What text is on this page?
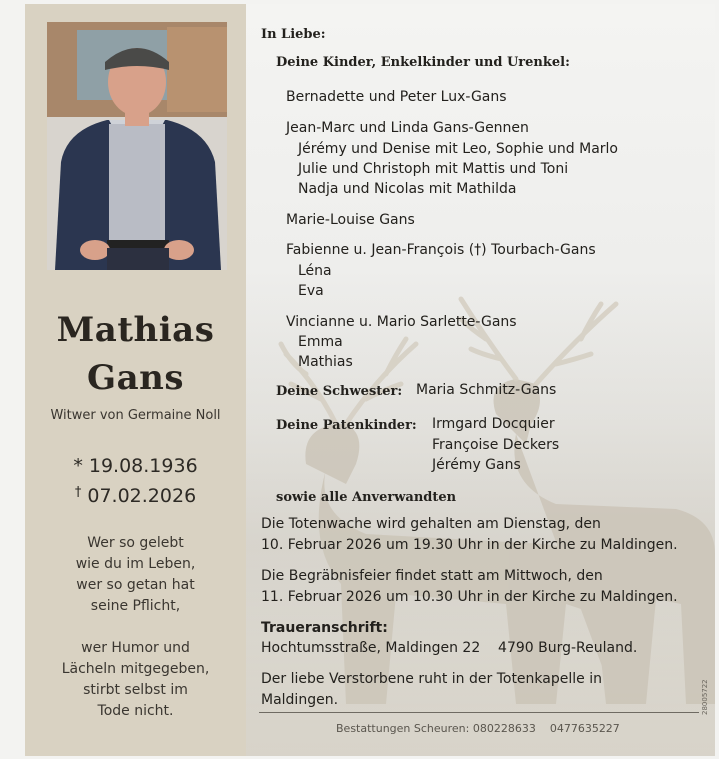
Mathias
Gans
Witwer von Germaine Noll
* 19.08.1936
† 07.02.2026
Wer so gelebt
wie du im Leben,
wer so getan hat
seine Pflicht,
wer Humor und
Lächeln mitgegeben,
stirbt selbst im
Tode nicht.
In Liebe:
Deine Kinder, Enkelkinder und Urenkel:
Bernadette und Peter Lux-Gans
Jean-Marc und Linda Gans-Gennen
Jérémy und Denise mit Leo, Sophie und Marlo
Julie und Christoph mit Mattis und Toni
Nadja und Nicolas mit Mathilda
Marie-Louise Gans
Fabienne u. Jean-François (†) Tourbach-Gans
Léna
Eva
Vincianne u. Mario Sarlette-Gans
Emma
Mathias
Deine Schwester: Maria Schmitz-Gans
Deine Patenkinder: Irmgard Docquier
Françoise Deckers
Jérémy Gans
sowie alle Anverwandten
Die Totenwache wird gehalten am Dienstag, den
10. Februar 2026 um 19.30 Uhr in der Kirche zu Maldingen.
Die Begräbnisfeier findet statt am Mittwoch, den
11. Februar 2026 um 10.30 Uhr in der Kirche zu Maldingen.
Traueranschrift:
Hochtumsstraße, Maldingen 22    4790 Burg-Reuland.
Der liebe Verstorbene ruht in der Totenkapelle in
Maldingen.
Bestattungen Scheuren: 080228633    0477635227
28005722
